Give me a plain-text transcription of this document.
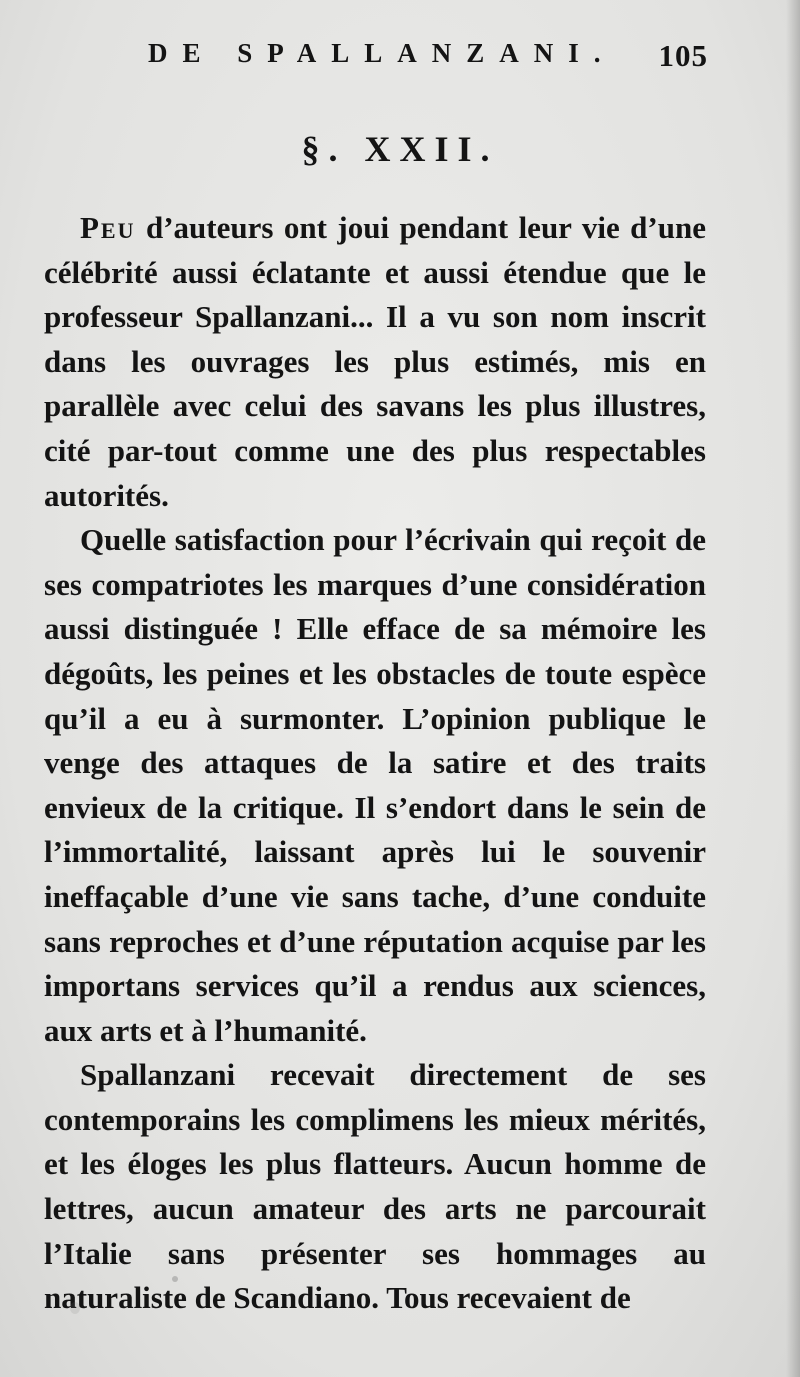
DE SPALLANZANI. 105
§. XXII.

Peu d’auteurs ont joui pendant leur vie d’une célébrité aussi éclatante et aussi étendue que le professeur Spallanzani... Il a vu son nom inscrit dans les ouvrages les plus estimés, mis en parallèle avec celui des savans les plus illustres, cité par-tout comme une des plus respectables autorités.

Quelle satisfaction pour l’écrivain qui reçoit de ses compatriotes les marques d’une considération aussi distinguée ! Elle efface de sa mémoire les dégoûts, les peines et les obstacles de toute espèce qu’il a eu à surmonter. L’opinion publique le venge des attaques de la satire et des traits envieux de la critique. Il s’endort dans le sein de l’immortalité, laissant après lui le souvenir ineffaçable d’une vie sans tache, d’une conduite sans reproches et d’une réputation acquise par les importans services qu’il a rendus aux sciences, aux arts et à l’humanité.

Spallanzani recevait directement de ses contemporains les complimens les mieux mérités, et les éloges les plus flatteurs. Aucun homme de lettres, aucun amateur des arts ne parcourait l’Italie sans présenter ses hommages au naturaliste de Scandiano. Tous recevaient de
